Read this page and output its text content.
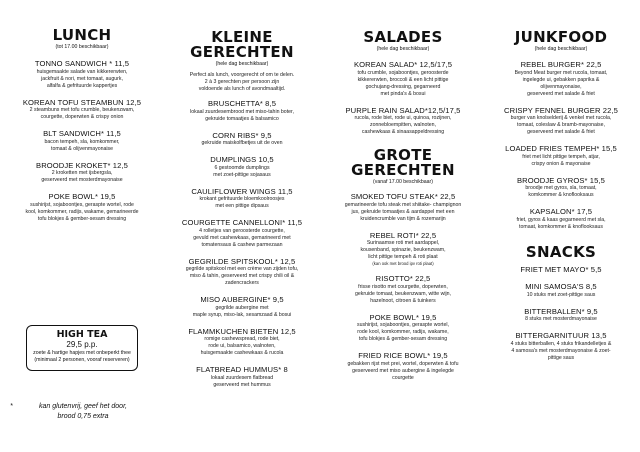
LUNCH
(tot 17.00 beschikbaar)
TONNO SANDWICH * 11,5
huisgemaakte salade van kikkererwten,
jackfruit & nori, met tomaat, augurk,
alfalfa & gefrituurde kappertjes
KOREAN TOFU STEAMBUN 12,5
2 steambuns met tofu crumble, beukenzwam,
courgette, doperwten & crispy onion
BLT SANDWICH* 11,5
bacon tempeh, sla, komkommer,
tomaat & olijvenmayonaise
BROODJE KROKET* 12,5
2 kroketten met ijsbergsla,
geserveerd met mosterdmayonaise
POKE BOWL* 19,5
sushirijst, sojaboontjes, geraspte wortel, rode
kool, komkommer, radijs, wakame, gemarineerde
tofu blokjes & gember-sesam dressing
HIGH TEA
29,5 p.p.
zoete & hartige hapjes met onbeperkt thee
(minimaal 2 personen, vooraf reserveren)
*	kan glutenvrij, geef het door,
brood 0,75 extra
KLEINE
GERECHTEN
(hele dag beschikbaar)
Perfect als lunch, voorgerecht of om te delen.
2 à 3 gerechten per persoon zijn
voldoende als lunch of avondmaaltijd.
BRUSCHETTA* 8,5
lokaal zuurdesembrood met miso-tahin boter,
gekruide tomaatjes & balsamico
CORN RIBS* 9,5
gekruide maiskolfbetjes uit de oven
DUMPLINGS 10,5
6 gestoomde dumplings
met zoet-pittige sojasaus
CAULIFLOWER WINGS 11,5
krokant gefrituurde bloemkoolroosjes
met een pittige dipsaus
COURGETTE CANNELLONI* 11,5
4 rolletjes van geroosterde courgette,
gevuld met cashewkaas, gemarineerd met
tomatensaus & cashew parmezaan
GEGRILDE SPITSKOOL* 12,5
gegrilde spitskool met een crème van zijden tofu,
miso & tahin, geserveerd met crispy chili oil &
zadencrackers
MISO AUBERGINE* 9,5
gegrilde aubergine met
maple syrup, miso-lak, sesamzaad & bosui
FLAMMKUCHEN BIETEN 12,5
romige cashewspread, rode biet,
rode ui, balsamico, walnoten,
huisgemaakte cashewkaas & rucola
FLATBREAD HUMMUS* 8
lokaal zuurdesem flatbread
geserveerd met hummus
SALADES
(hele dag beschikbaar)
KOREAN SALAD* 12,5/17,5
tofu crumble, sojaboontjes, geroosterde
kikkererwten, broccoli & een licht pittige
gochujang-dressing, gegarneerd
met pinda's & bosui
PURPLE RAIN SALAD*12,5/17,5
rucola, rode biet, rode ui, quinoa, rozijnen,
zonnebloempitten, walnoten,
cashewkaas & sinaasappeldressing
GROTE
GERECHTEN
(vanaf 17.00 beschikbaar)
SMOKED TOFU STEAK* 22,5
gemarineerde tofu steak met shiitake- champignon
jus, gekruide tomaatjes & aardappel met een
kruidencrumble van tijm & rozemarijn
REBEL ROTI* 22,5
Surinaamse roti met aardappel,
kousenband, spinazie, beukenzwam,
licht pittige tempeh & roti plaat
(kan ook met brood ipv roti plaat)
RISOTTO* 22,5
frisse risotto met courgette, doperwten,
gekruide tomaat, beukenzwam, witte wijn,
hazelnoot, citroen & tuinkers
POKE BOWL* 19,5
sushirijst, sojaboontjes, geraspte wortel,
rode kool, komkommer, radijs, wakame,
tofu blokjes & gember-sesam dressing
FRIED RICE BOWL* 19,5
gebakken rijst met prei, wortel, doperwten & tofu
geserveerd met miso aubergine & ingelegde
courgette
JUNKFOOD
(hele dag beschikbaar)
REBEL BURGER* 22,5
Beyond Meat burger met rucola, tomaat,
ingelegde ui, gebakken paprika &
olijvenmayonaise,
geserveerd met salade & friet
CRISPY FENNEL BURGER 22,5
burger van knolselderij & venkel met rucola,
tomaat, coleslaw & bramb-mayonaise,
geserveerd met salade & friet
LOADED FRIES TEMPEH* 15,5
friet met licht pittige tempeh, atjar,
crispy onion & mayonaise
BROODJE GYROS* 15,5
broodje met gyros, sla, tomaat,
komkommer & knoflooksaus
KAPSALON* 17,5
friet, gyros & kaas gegarneerd met sla,
tomaat, komkommer & knoflooksaus
SNACKS
FRIET MET MAYO* 5,5
MINI SAMOSA'S 8,5
10 stuks met zoet-pittige saus
BITTERBALLEN* 9,5
8 stuks met mosterdmayonaise
BITTERGARNITUUR 13,5
4 stuks bitterballen, 4 stuks frikandelletjes &
4 samosa's met mosterdmayonaise & zoet-
pittige saus
